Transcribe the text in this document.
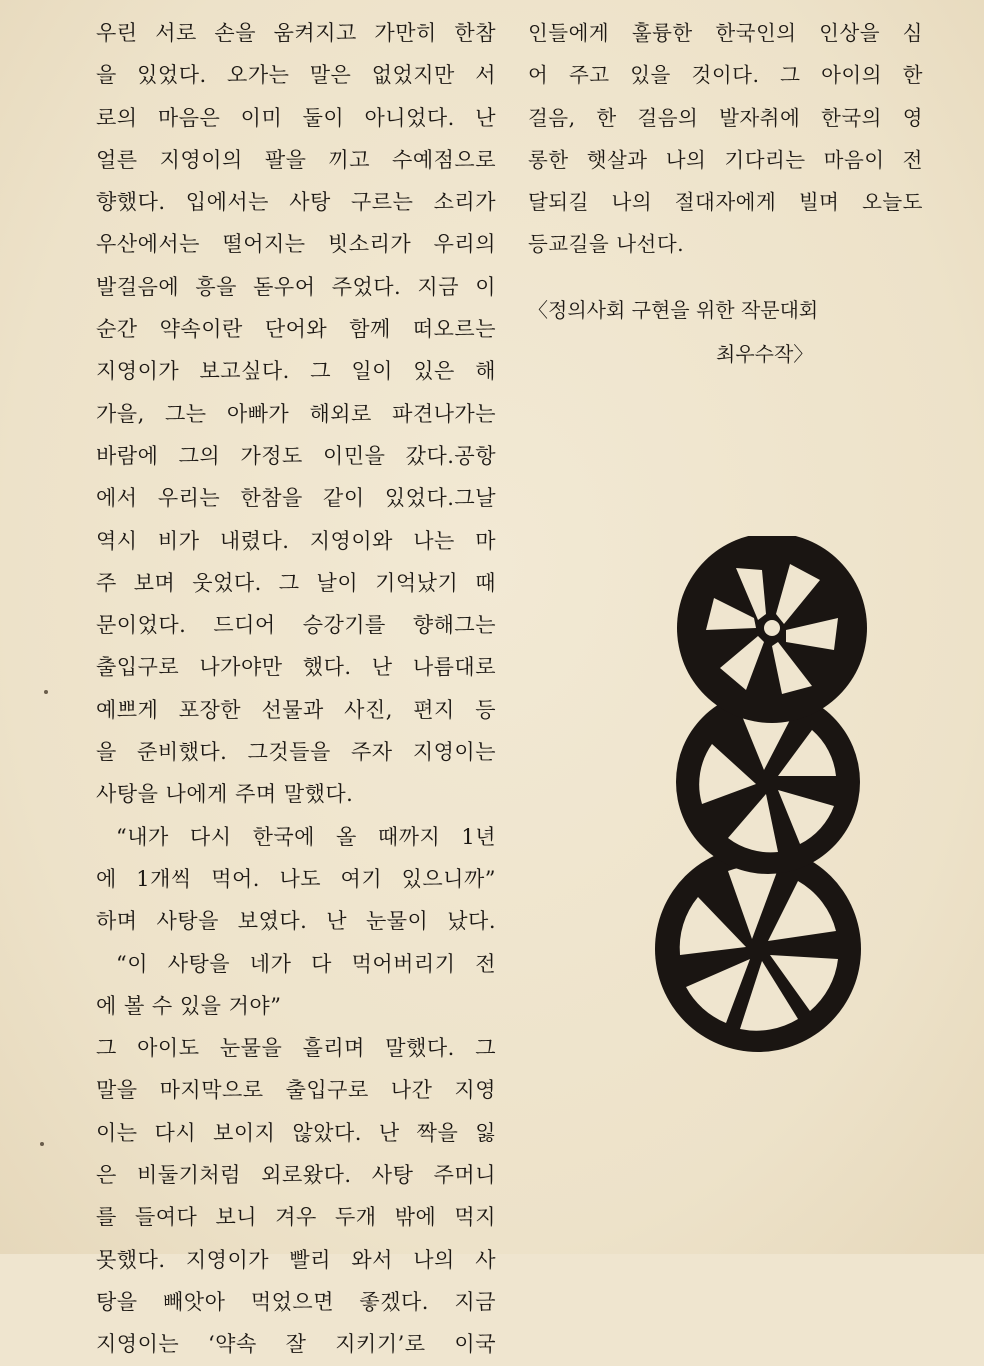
우린 서로 손을 움켜지고 가만히 한참
을 있었다. 오가는 말은 없었지만 서
로의 마음은 이미 둘이 아니었다. 난
얼른 지영이의 팔을 끼고 수예점으로
향했다. 입에서는 사탕 구르는 소리가
우산에서는 떨어지는 빗소리가 우리의
발걸음에 흥을 돋우어 주었다. 지금 이
순간 약속이란 단어와 함께 떠오르는
지영이가 보고싶다. 그 일이 있은 해
가을, 그는 아빠가 해외로 파견나가는
바람에 그의 가정도 이민을 갔다.공항
에서 우리는 한참을 같이 있었다.그날
역시 비가 내렸다. 지영이와 나는 마
주 보며 웃었다. 그 날이 기억났기 때
문이었다. 드디어 승강기를 향해그는
출입구로 나가야만 했다. 난 나름대로
예쁘게 포장한 선물과 사진, 편지 등
을 준비했다. 그것들을 주자 지영이는
사탕을 나에게 주며 말했다.
“내가 다시 한국에 올 때까지 1년
에 1개씩 먹어. 나도 여기 있으니까”
하며 사탕을 보였다. 난 눈물이 났다.
“이 사탕을 네가 다 먹어버리기 전
에 볼 수 있을 거야”
그 아이도 눈물을 흘리며 말했다. 그
말을 마지막으로 출입구로 나간 지영
이는 다시 보이지 않았다. 난 짝을 잃
은 비둘기처럼 외로왔다. 사탕 주머니
를 들여다 보니 겨우 두개 밖에 먹지
못했다. 지영이가 빨리 와서 나의 사
탕을 빼앗아 먹었으면 좋겠다. 지금
지영이는 ‘약속 잘 지키기’로 이국
인들에게 훌륭한 한국인의 인상을 심
어 주고 있을 것이다. 그 아이의 한
걸음, 한 걸음의 발자취에 한국의 영
롱한 햇살과 나의 기다리는 마음이 전
달되길 나의 절대자에게 빌며 오늘도
등교길을 나선다.
〈정의사회 구현을 위한 작문대회
최우수작〉
